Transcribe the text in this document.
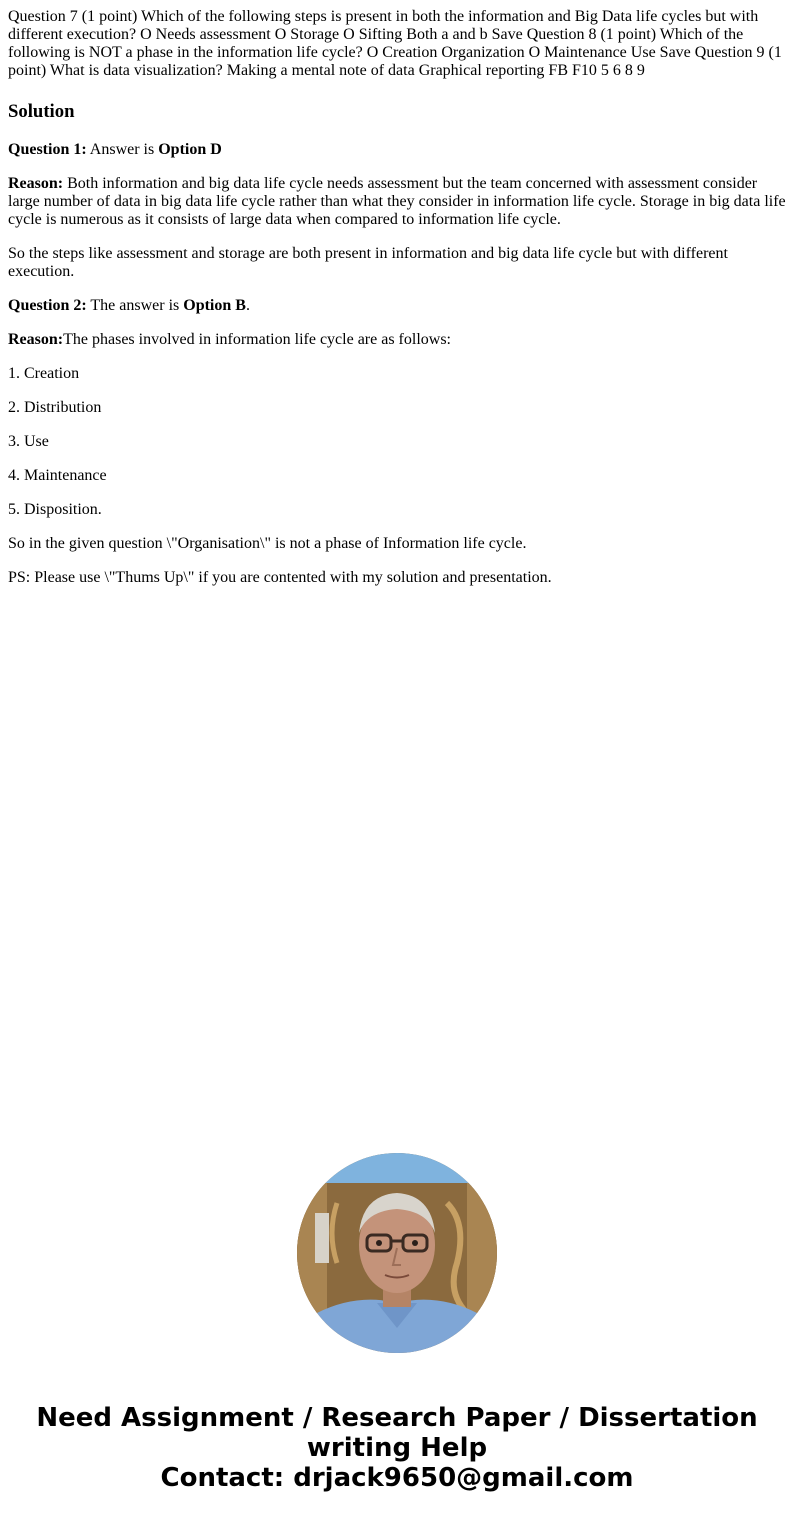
Question 7 (1 point) Which of the following steps is present in both the information and Big Data life cycles but with different execution? O Needs assessment O Storage O Sifting Both a and b Save Question 8 (1 point) Which of the following is NOT a phase in the information life cycle? O Creation Organization O Maintenance Use Save Question 9 (1 point) What is data visualization? Making a mental note of data Graphical reporting FB F10 5 6 8 9

Solution

Question 1: Answer is Option D

Reason: Both information and big data life cycle needs assessment but the team concerned with assessment consider large number of data in big data life cycle rather than what they consider in information life cycle. Storage in big data life cycle is numerous as it consists of large data when compared to information life cycle.

So the steps like assessment and storage are both present in information and big data life cycle but with different execution.

Question 2: The answer is Option B.

Reason:The phases involved in information life cycle are as follows:

1. Creation

2. Distribution

3. Use

4. Maintenance

5. Disposition.

So in the given question \"Organisation\" is not a phase of Information life cycle.

PS: Please use \"Thums Up\" if you are contented with my solution and presentation.

Need Assignment / Research Paper / Dissertation
writing Help
Contact: drjack9650@gmail.com
